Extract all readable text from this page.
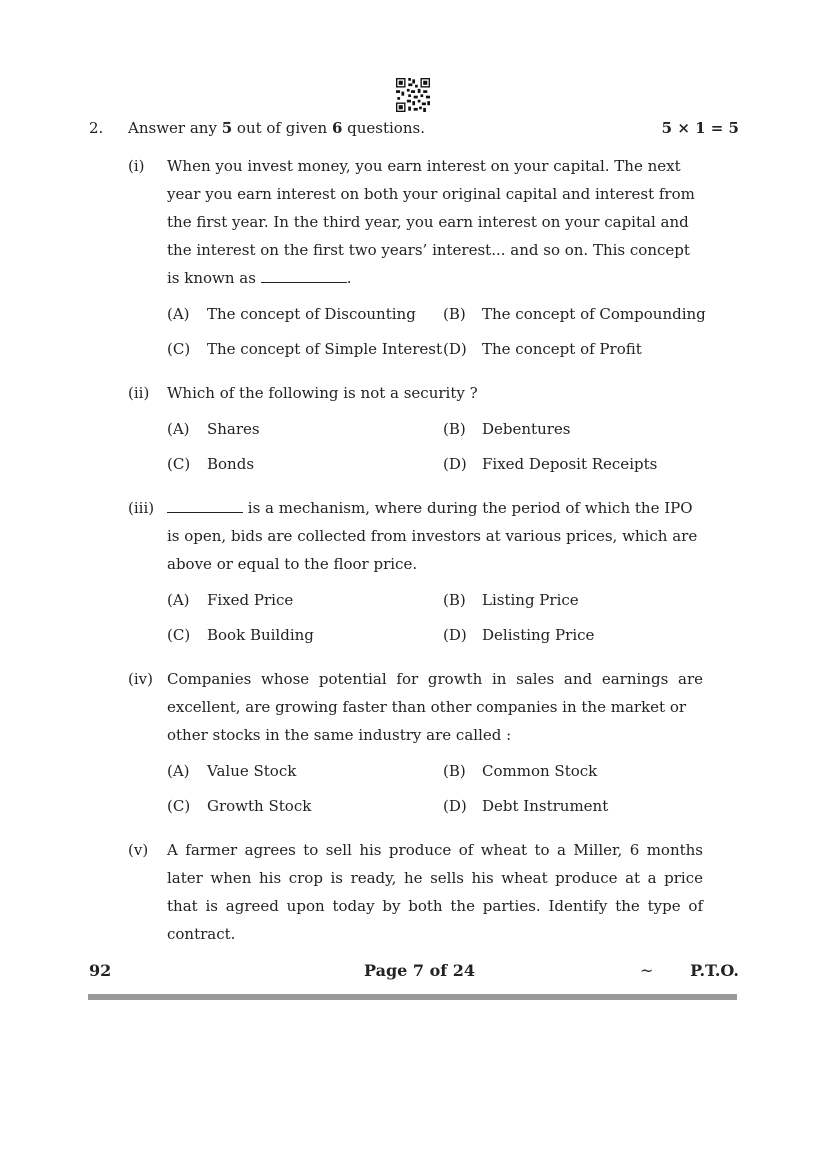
2. Answer any 5 out of given 6 questions.	5 × 1 = 5
(i) When you invest money, you earn interest on your capital. The next
year you earn interest on both your original capital and interest from
the first year. In the third year, you earn interest on your capital and
the interest on the first two years’ interest... and so on. This concept
is known as	.
(A) The concept of Discounting (B) The concept of Compounding
(C) The concept of Simple Interest (D) The concept of Profit
(ii) Which of the following is not a security ?
(A) Shares	(B) Debentures
(C) Bonds	(D) Fixed Deposit Receipts
(iii)	is a mechanism, where during the period of which the IPO
is open, bids are collected from investors at various prices, which are
above or equal to the floor price.
(A) Fixed Price	(B) Listing Price
(C) Book Building	(D) Delisting Price
(iv) Companies whose potential for growth in sales and earnings are
excellent, are growing faster than other companies in the market or
other stocks in the same industry are called :
(A) Value Stock	(B) Common Stock
(C) Growth Stock	(D) Debt Instrument
(v) A farmer agrees to sell his produce of wheat to a Miller, 6 months
later when his crop is ready, he sells his wheat produce at a price
that is agreed upon today by both the parties. Identify the type of
contract.
92	Page 7 of 24	~ P.T.O.
